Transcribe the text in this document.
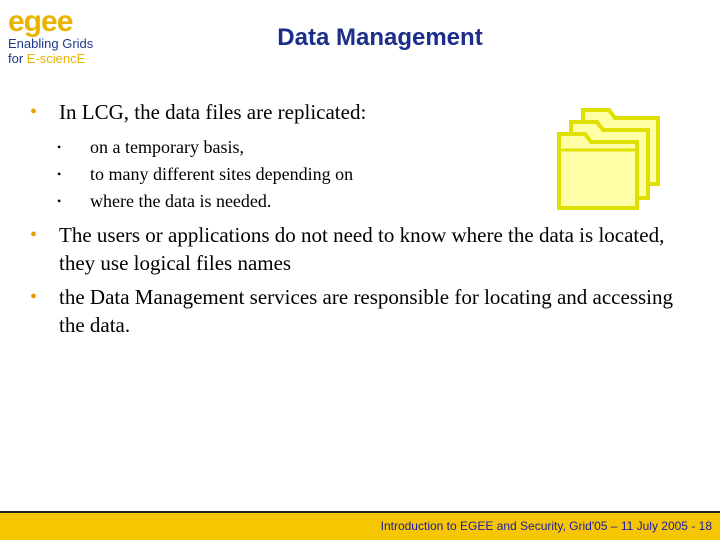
egee
Enabling Grids
for E-sciencE
Data Management

• In LCG, the data files are replicated:

• on a temporary basis,
• to many different sites depending on
• where the data is needed.

• The users or applications do not need to know where the data is located, they use logical files names

• the Data Management services are responsible for locating and accessing the data.

Introduction to EGEE and Security, Grid'05 – 11 July 2005 - 18
